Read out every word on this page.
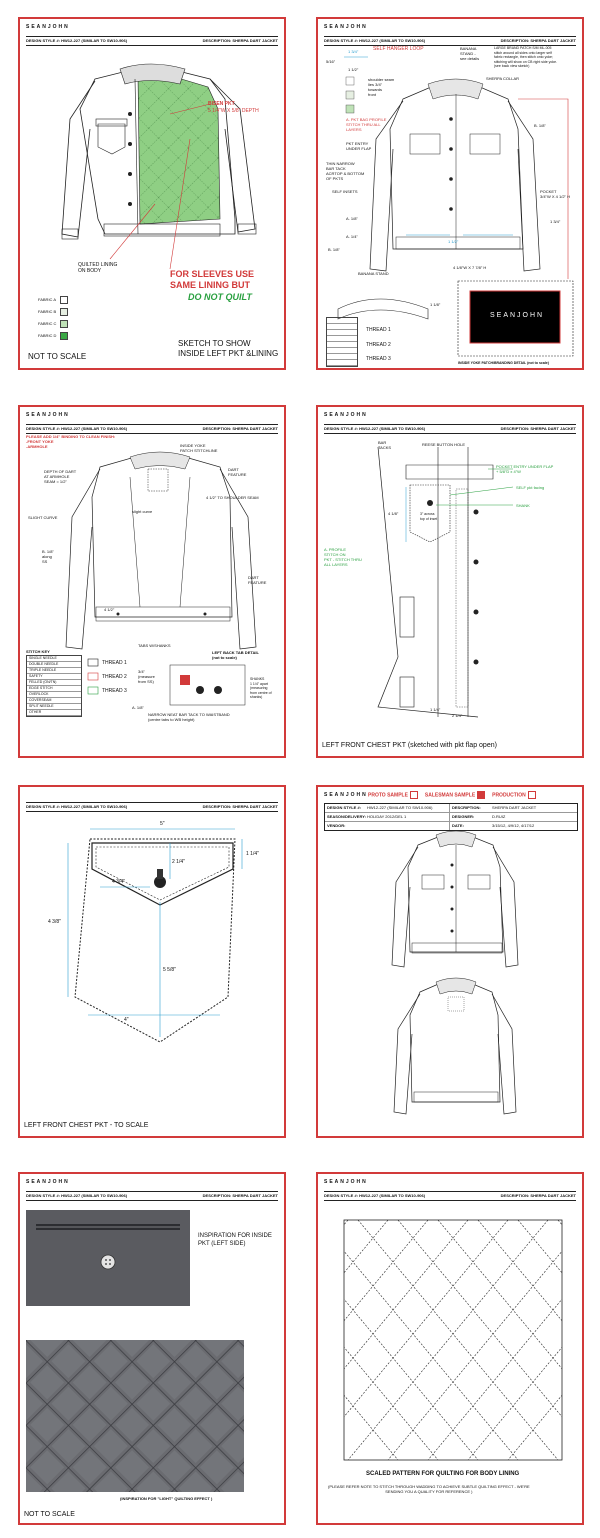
SEANJOHN
DESIGN STYLE #: HW12-227 (SIMILAR TO SW10-906)	DESCRIPTION: SHERPA DART JACKET
BISEN PKT
5 1/4"W X 5/8" DEPTH
QUILTED LINING
ON BODY	FOR SLEEVES USE
SAME LINING BUT
DO NOT QUILT
FABRIC A
FABRIC B
FABRIC C
FABRIC D
NOT TO SCALE
SKETCH TO SHOW
INSIDE LEFT PKT &LINING
SEANJOHN
DESIGN STYLE #: HW12-227 (SIMILAR TO SW10-906)	DESCRIPTION: SHERPA DART JACKET
SELF HANGER LOOP	BANANA
STAND -
see details
LARGE BRAND PATCH S/M ML-005
stitch around all sides onto larger self
fabric rectangle, then stitch onto yoke;
stitching will show on CB right side yoke.
(see back view sketch)
SHERPA COLLAR
shoulder seam
lies 3/4"
towards
front
A. PKT BAG PROFILE
STITCH THRU ALL
LAYERS
PKT ENTRY
UNDER FLAP
THIN NARROW
BAR TACK
ACRTOP & BOTTOM
OF PKTS
SELF INSETS	POCKET
3/4"W X 4 1/2" H
1 3/4"
5/16"
1 1/2"
B. 1/8"
A. 1/8"
A. 1/4"
B. 1/8"
1 1/2"
1 3/4"
4 1/8"W X 7 7/8" H
1 1/8"
BANANA STAND

THREAD 1
THREAD 2
THREAD 3
SEANJOHN
INSIDE YOKE PATCH/BRANDING DETAIL (not to scale)
SEANJOHN
DESIGN STYLE #: HW12-227 (SIMILAR TO SW10-906)	DESCRIPTION: SHERPA DART JACKET
PLEASE ADD 1/4" BINDING TO CLEAN FINISH:
-FRONT YOKE
-ARMHOLE	INSIDE YOKE
PATCH STITCHLINE
DEPTH OF DART
AT ARMHOLE
SEAM = 1/2"
DART
FEATURE
4 1/2" TO SHOULDER SEAM
SLIGHT CURVE
slight curve
B. 1/8"
along
SS
DART
FEATURE
4 1/2"
STITCH KEY
SINGLE NEEDLE
DOUBLE NEEDLE
TRIPLE NEEDLE
SAFETY
FELLED (ON/TN)
EDGE STITCH
OVERLOCK
COVERSEAM
SPLIT NEEDLE
OTHER
THREAD 1
THREAD 2
THREAD 3
TABS W/SHANKS
LEFT BACK TAB DETAIL
(not to scale)
3/4"
(measure
from SS)	SHANKS
1 1/4" apart
(measuring
from centre of
shanks)
NARROW NEAT BAR TACK TO WAISTBAND
(centre tabs to WB height)
A. 1/8"
SEANJOHN
DESIGN STYLE #: HW12-227 (SIMILAR TO SW10-906)	DESCRIPTION: SHERPA DART JACKET
BAR
TACKS
REESE BUTTON HOLE
POCKET ENTRY UNDER FLAP
+ 5/8"D x 4"W
SELF pkt facing
SHANK
A. PROFILE
STITCH ON
PKT - STITCH THRU
ALL LAYERS
3" across
top of inset
4 1/8"
1 1/4"
2 1/4"
LEFT FRONT CHEST PKT (sketched with pkt flap open)
DESIGN STYLE #: HW12-227 (SIMILAR TO SW10-906)	DESCRIPTION: SHERPA DART JACKET
5"
1 1/4"
2 1/4"
4 3/4"
4 3/8"
5 5/8"
4"
LEFT FRONT CHEST PKT - TO SCALE
SEANJOHN PROTO SAMPLE	SALESMAN SAMPLE	PRODUCTION
DESIGN STYLE #:	HW12-227 (SIMILAR TO SW10-906)	DESCRIPTION:	SHERPA DART JACKET
SEASON/DELIVERY: HOLIDAY 2012/DEL 1	DESIGNER:	D.RUIZ
VENDOR:	DATE:	3/15/12, 4/9/12, 4/17/12
SEANJOHN
DESIGN STYLE #: HW12-227 (SIMILAR TO SW10-906)	DESCRIPTION: SHERPA DART JACKET
INSPIRATION FOR INSIDE
PKT (LEFT SIDE)
(INSPIRATION FOR "LIGHT" QUILTING EFFECT )
NOT TO SCALE
SEANJOHN
DESIGN STYLE #: HW12-227 (SIMILAR TO SW10-906)	DESCRIPTION: SHERPA DART JACKET
SCALED PATTERN FOR QUILTING FOR BODY LINING
(PLEASE REFER NOTE TO STITCH THROUGH WADDING TO ACHIEVE SUBTLE QUILTING EFFECT - WE'RE
SENDING YOU A QUALITY FOR REFERENCE )
